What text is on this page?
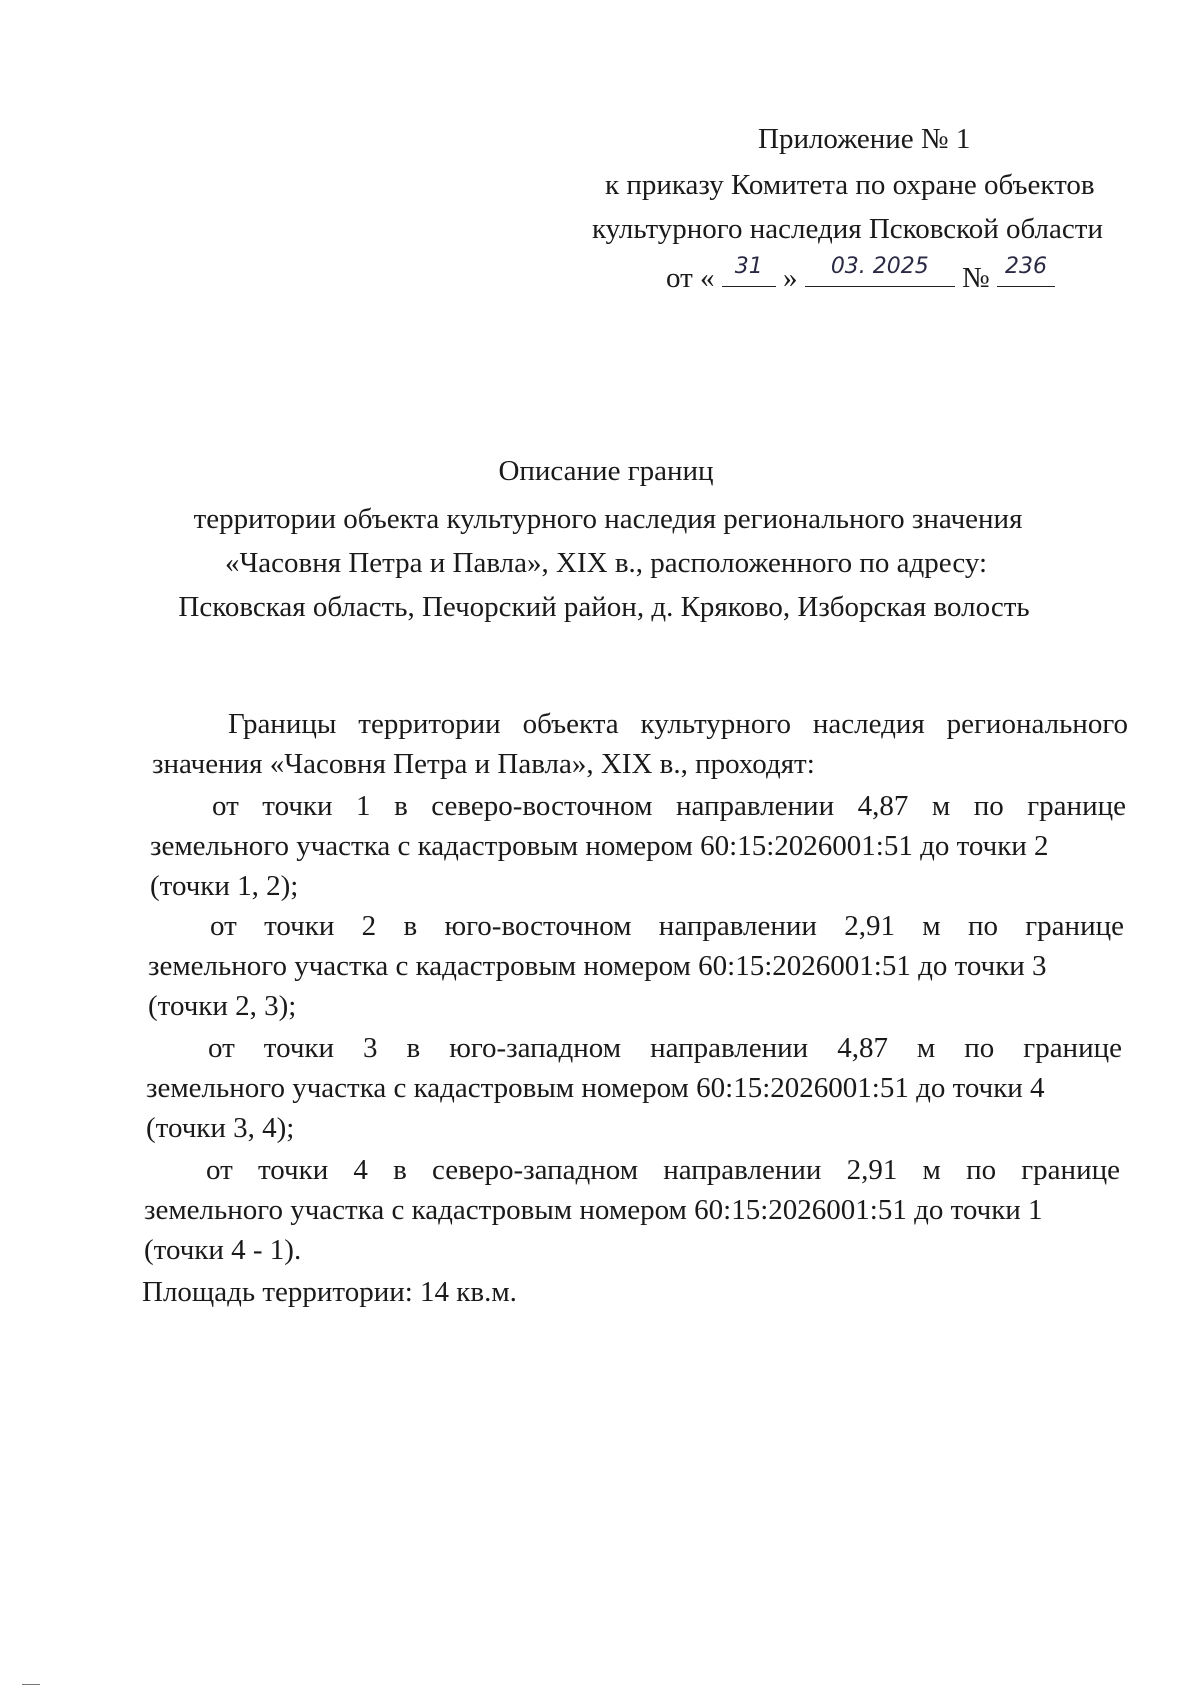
Приложение № 1
к приказу Комитета по охране объектов
культурного наследия Псковской области
от « 31 »	03. 2025	№ 236
Описание границ
территории объекта культурного наследия регионального значения
«Часовня Петра и Павла», XIX в., расположенного по адресу:
Псковская область, Печорский район, д. Кряково, Изборская волость
Границы территории объекта культурного наследия регионального
значения «Часовня Петра и Павла», XIX в., проходят:
от точки 1 в северо-восточном направлении 4,87 м по границе
земельного участка с кадастровым номером 60:15:2026001:51 до точки 2
(точки 1, 2);
от точки 2 в юго-восточном направлении 2,91 м по границе
земельного участка с кадастровым номером 60:15:2026001:51 до точки 3
(точки 2, 3);
от точки 3 в юго-западном направлении 4,87 м по границе
земельного участка с кадастровым номером 60:15:2026001:51 до точки 4
(точки 3, 4);
от точки 4 в северо-западном направлении 2,91 м по границе
земельного участка с кадастровым номером 60:15:2026001:51 до точки 1
(точки 4 - 1).
Площадь территории: 14 кв.м.
